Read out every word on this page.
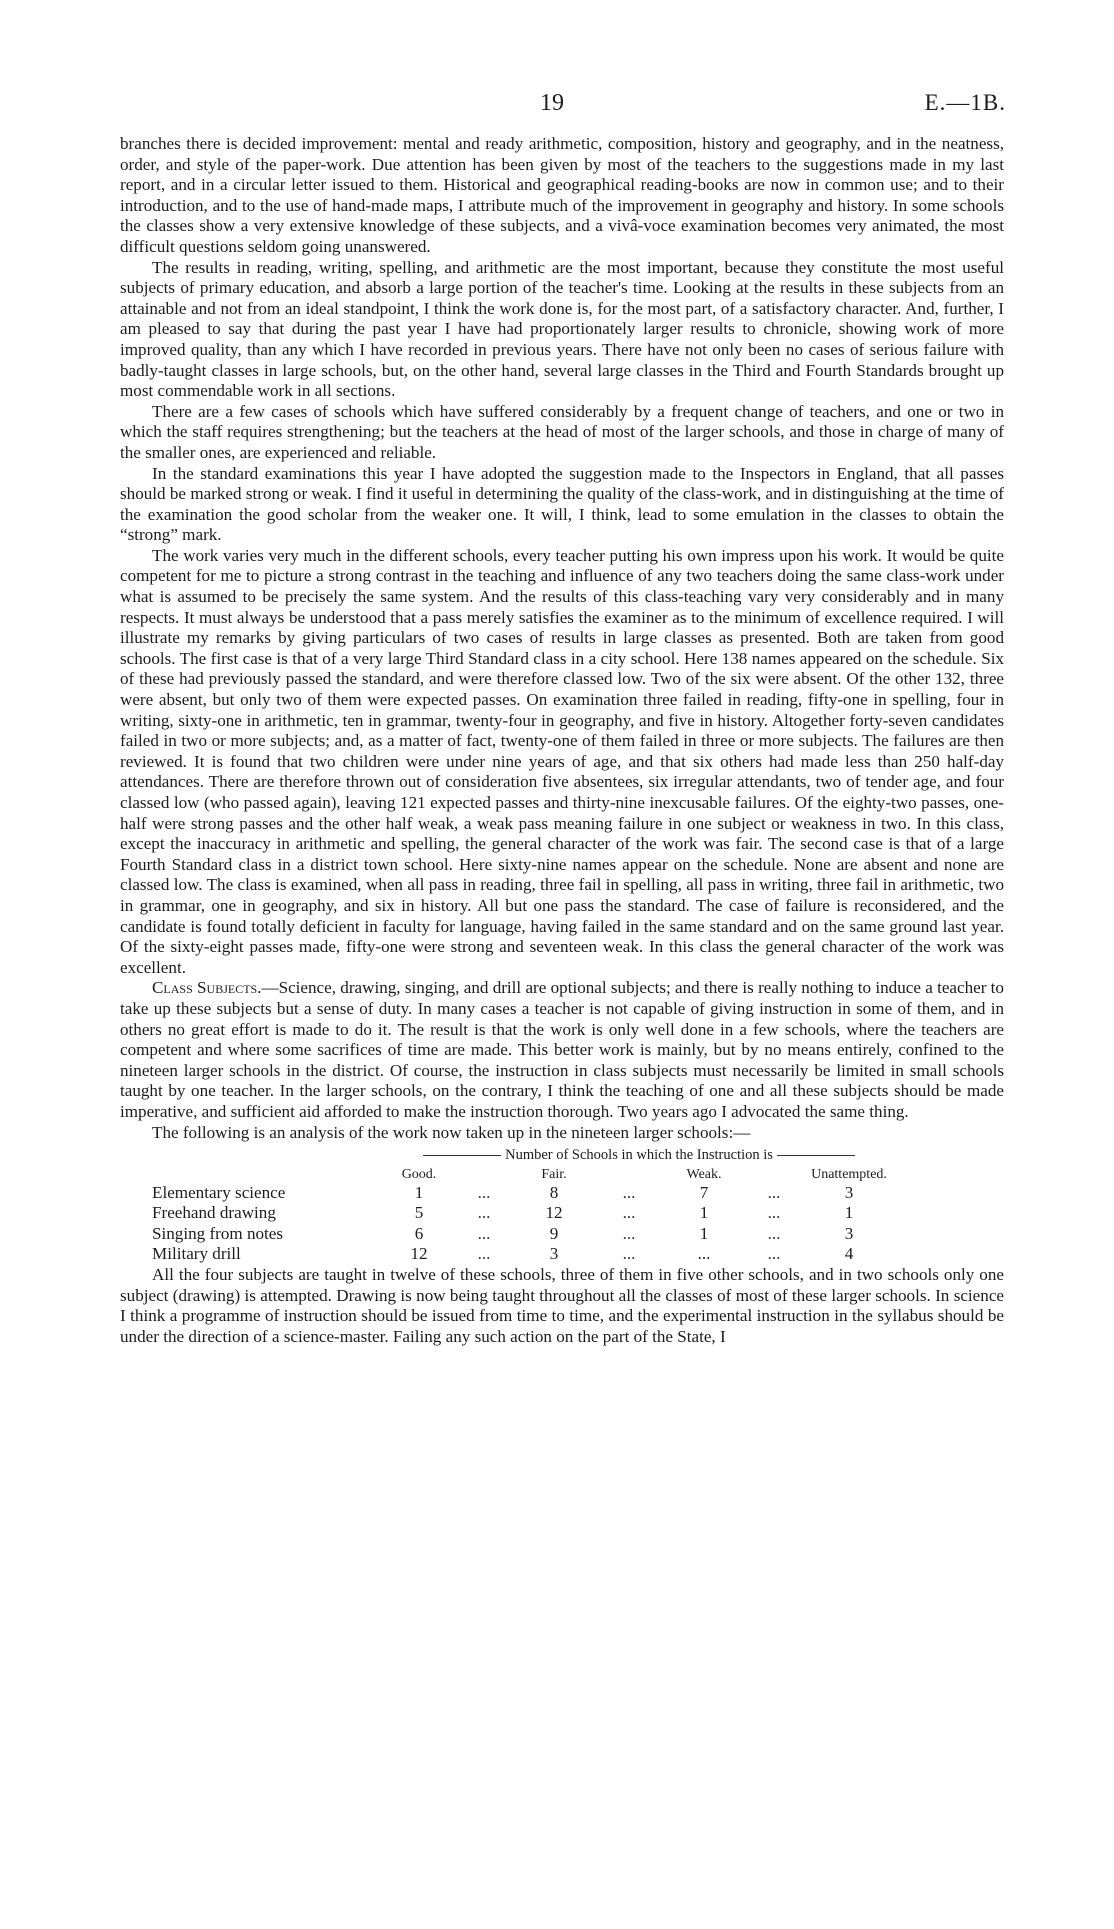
19	E.—1B.

branches there is decided improvement: mental and ready arithmetic, composition, history and geography, and in the neatness, order, and style of the paper-work. Due attention has been given by most of the teachers to the suggestions made in my last report, and in a circular letter issued to them. Historical and geographical reading-books are now in common use; and to their introduction, and to the use of hand-made maps, I attribute much of the improvement in geography and history. In some schools the classes show a very extensive knowledge of these subjects, and a vivâ-voce examination becomes very animated, the most difficult questions seldom going unanswered.

The results in reading, writing, spelling, and arithmetic are the most important, because they constitute the most useful subjects of primary education, and absorb a large portion of the teacher's time. Looking at the results in these subjects from an attainable and not from an ideal standpoint, I think the work done is, for the most part, of a satisfactory character. And, further, I am pleased to say that during the past year I have had proportionately larger results to chronicle, showing work of more improved quality, than any which I have recorded in previous years. There have not only been no cases of serious failure with badly-taught classes in large schools, but, on the other hand, several large classes in the Third and Fourth Standards brought up most commendable work in all sections.

There are a few cases of schools which have suffered considerably by a frequent change of teachers, and one or two in which the staff requires strengthening; but the teachers at the head of most of the larger schools, and those in charge of many of the smaller ones, are experienced and reliable.

In the standard examinations this year I have adopted the suggestion made to the Inspectors in England, that all passes should be marked strong or weak. I find it useful in determining the quality of the class-work, and in distinguishing at the time of the examination the good scholar from the weaker one. It will, I think, lead to some emulation in the classes to obtain the “strong” mark.

The work varies very much in the different schools, every teacher putting his own impress upon his work. It would be quite competent for me to picture a strong contrast in the teaching and influence of any two teachers doing the same class-work under what is assumed to be precisely the same system. And the results of this class-teaching vary very considerably and in many respects. It must always be understood that a pass merely satisfies the examiner as to the minimum of excellence required. I will illustrate my remarks by giving particulars of two cases of results in large classes as presented. Both are taken from good schools. The first case is that of a very large Third Standard class in a city school. Here 138 names appeared on the schedule. Six of these had previously passed the standard, and were therefore classed low. Two of the six were absent. Of the other 132, three were absent, but only two of them were expected passes. On examination three failed in reading, fifty-one in spelling, four in writing, sixty-one in arithmetic, ten in grammar, twenty-four in geography, and five in history. Altogether forty-seven candidates failed in two or more subjects; and, as a matter of fact, twenty-one of them failed in three or more subjects. The failures are then reviewed. It is found that two children were under nine years of age, and that six others had made less than 250 half-day attendances. There are therefore thrown out of consideration five absentees, six irregular attendants, two of tender age, and four classed low (who passed again), leaving 121 expected passes and thirty-nine inexcusable failures. Of the eighty-two passes, one-half were strong passes and the other half weak, a weak pass meaning failure in one subject or weakness in two. In this class, except the inaccuracy in arithmetic and spelling, the general character of the work was fair. The second case is that of a large Fourth Standard class in a district town school. Here sixty-nine names appear on the schedule. None are absent and none are classed low. The class is examined, when all pass in reading, three fail in spelling, all pass in writing, three fail in arithmetic, two in grammar, one in geography, and six in history. All but one pass the standard. The case of failure is reconsidered, and the candidate is found totally deficient in faculty for language, having failed in the same standard and on the same ground last year. Of the sixty-eight passes made, fifty-one were strong and seventeen weak. In this class the general character of the work was excellent.

Class Subjects.—Science, drawing, singing, and drill are optional subjects; and there is really nothing to induce a teacher to take up these subjects but a sense of duty. In many cases a teacher is not capable of giving instruction in some of them, and in others no great effort is made to do it. The result is that the work is only well done in a few schools, where the teachers are competent and where some sacrifices of time are made. This better work is mainly, but by no means entirely, confined to the nineteen larger schools in the district. Of course, the instruction in class subjects must necessarily be limited in small schools taught by one teacher. In the larger schools, on the contrary, I think the teaching of one and all these subjects should be made imperative, and sufficient aid afforded to make the instruction thorough. Two years ago I advocated the same thing.

The following is an analysis of the work now taken up in the nineteen larger schools:—

	Number of Schools in which the Instruction is						
	Good.		Fair.		Weak.		Unattempted.
Elementary science	1	...	8	...	7	...	3
Freehand drawing	5	...	12	...	1	...	1
Singing from notes	6	...	9	...	1	...	3
Military drill	12	...	3	...	...	...	4

All the four subjects are taught in twelve of these schools, three of them in five other schools, and in two schools only one subject (drawing) is attempted. Drawing is now being taught throughout all the classes of most of these larger schools. In science I think a programme of instruction should be issued from time to time, and the experimental instruction in the syllabus should be under the direction of a science-master. Failing any such action on the part of the State, I
